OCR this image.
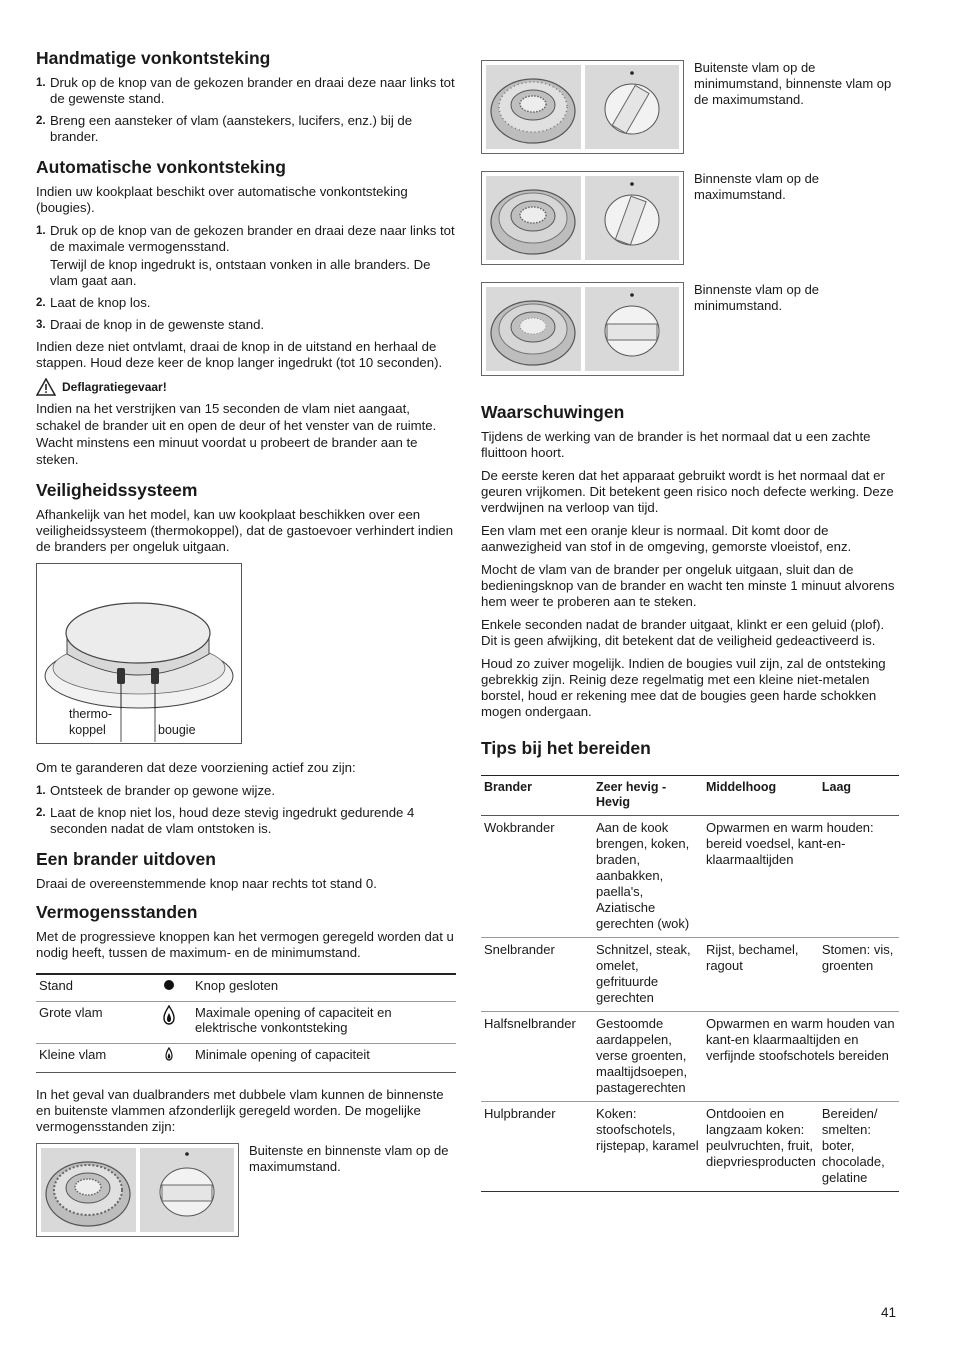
Handmatige vonkontsteking
1. Druk op de knop van de gekozen brander en draai deze naar links tot de gewenste stand.
2. Breng een aansteker of vlam (aanstekers, lucifers, enz.) bij de brander.
Automatische vonkontsteking

Indien uw kookplaat beschikt over automatische vonkontsteking (bougies).

1. Druk op de knop van de gekozen brander en draai deze naar links tot de maximale vermogensstand.
Terwijl de knop ingedrukt is, ontstaan vonken in alle branders. De vlam gaat aan.
2. Laat de knop los.
3. Draai de knop in de gewenste stand.

Indien deze niet ontvlamt, draai de knop in de uitstand en herhaal de stappen. Houd deze keer de knop langer ingedrukt (tot 10 seconden).

Deflagratiegevaar!

Indien na het verstrijken van 15 seconden de vlam niet aangaat, schakel de brander uit en open de deur of het venster van de ruimte. Wacht minstens een minuut voordat u probeert de brander aan te steken.

Veiligheidssysteem

Afhankelijk van het model, kan uw kookplaat beschikken over een veiligheidssysteem (thermokoppel), dat de gastoevoer verhindert indien de branders per ongeluk uitgaan.

thermo-
koppel	bougie

Om te garanderen dat deze voorziening actief zou zijn:

1. Ontsteek de brander op gewone wijze.
2. Laat de knop niet los, houd deze stevig ingedrukt gedurende 4 seconden nadat de vlam ontstoken is.
Een brander uitdoven

Draai de overeenstemmende knop naar rechts tot stand 0.

Vermogensstanden

Met de progressieve knoppen kan het vermogen geregeld worden dat u nodig heeft, tussen de maximum- en de minimumstand.

Stand		Knop gesloten
Grote vlam		Maximale opening of capaciteit en elektrische vonkontsteking
Kleine vlam		Minimale opening of capaciteit

In het geval van dualbranders met dubbele vlam kunnen de binnenste en buitenste vlammen afzonderlijk geregeld worden. De mogelijke vermogensstanden zijn:

Buitenste en binnenste vlam op de maximumstand.
Buitenste vlam op de minimumstand, binnenste vlam op de maximumstand.
Binnenste vlam op de maximumstand.
Binnenste vlam op de minimumstand.
Waarschuwingen

Tijdens de werking van de brander is het normaal dat u een zachte fluittoon hoort.

De eerste keren dat het apparaat gebruikt wordt is het normaal dat er geuren vrijkomen. Dit betekent geen risico noch defecte werking. Deze verdwijnen na verloop van tijd.

Een vlam met een oranje kleur is normaal. Dit komt door de aanwezigheid van stof in de omgeving, gemorste vloeistof, enz.

Mocht de vlam van de brander per ongeluk uitgaan, sluit dan de bedieningsknop van de brander en wacht ten minste 1 minuut alvorens hem weer te proberen aan te steken.

Enkele seconden nadat de brander uitgaat, klinkt er een geluid (plof). Dit is geen afwijking, dit betekent dat de veiligheid gedeactiveerd is.

Houd zo zuiver mogelijk. Indien de bougies vuil zijn, zal de ontsteking gebrekkig zijn. Reinig deze regelmatig met een kleine niet-metalen borstel, houd er rekening mee dat de bougies geen harde schokken mogen ondergaan.

Tips bij het bereiden
Brander	Zeer hevig - Hevig	Middelhoog	Laag
Wokbrander	Aan de kook brengen, koken, braden, aanbakken, paella's, Aziatische gerechten (wok)	Opwarmen en warm houden: bereid voedsel, kant-en-klaarmaaltijden	
Snelbrander	Schnitzel, steak, omelet, gefrituurde gerechten	Rijst, bechamel, ragout	Stomen: vis, groenten
Halfsnelbrander	Gestoomde aardappelen, verse groenten, maaltijdsoepen, pastagerechten	Opwarmen en warm houden van kant-en klaarmaaltijden en verfijnde stoofschotels bereiden	
Hulpbrander	Koken: stoofschotels, rijstepap, karamel	Ontdooien en langzaam koken: peulvruchten, fruit, diepvriesproducten	Bereiden/ smelten: boter, chocolade, gelatine
41
